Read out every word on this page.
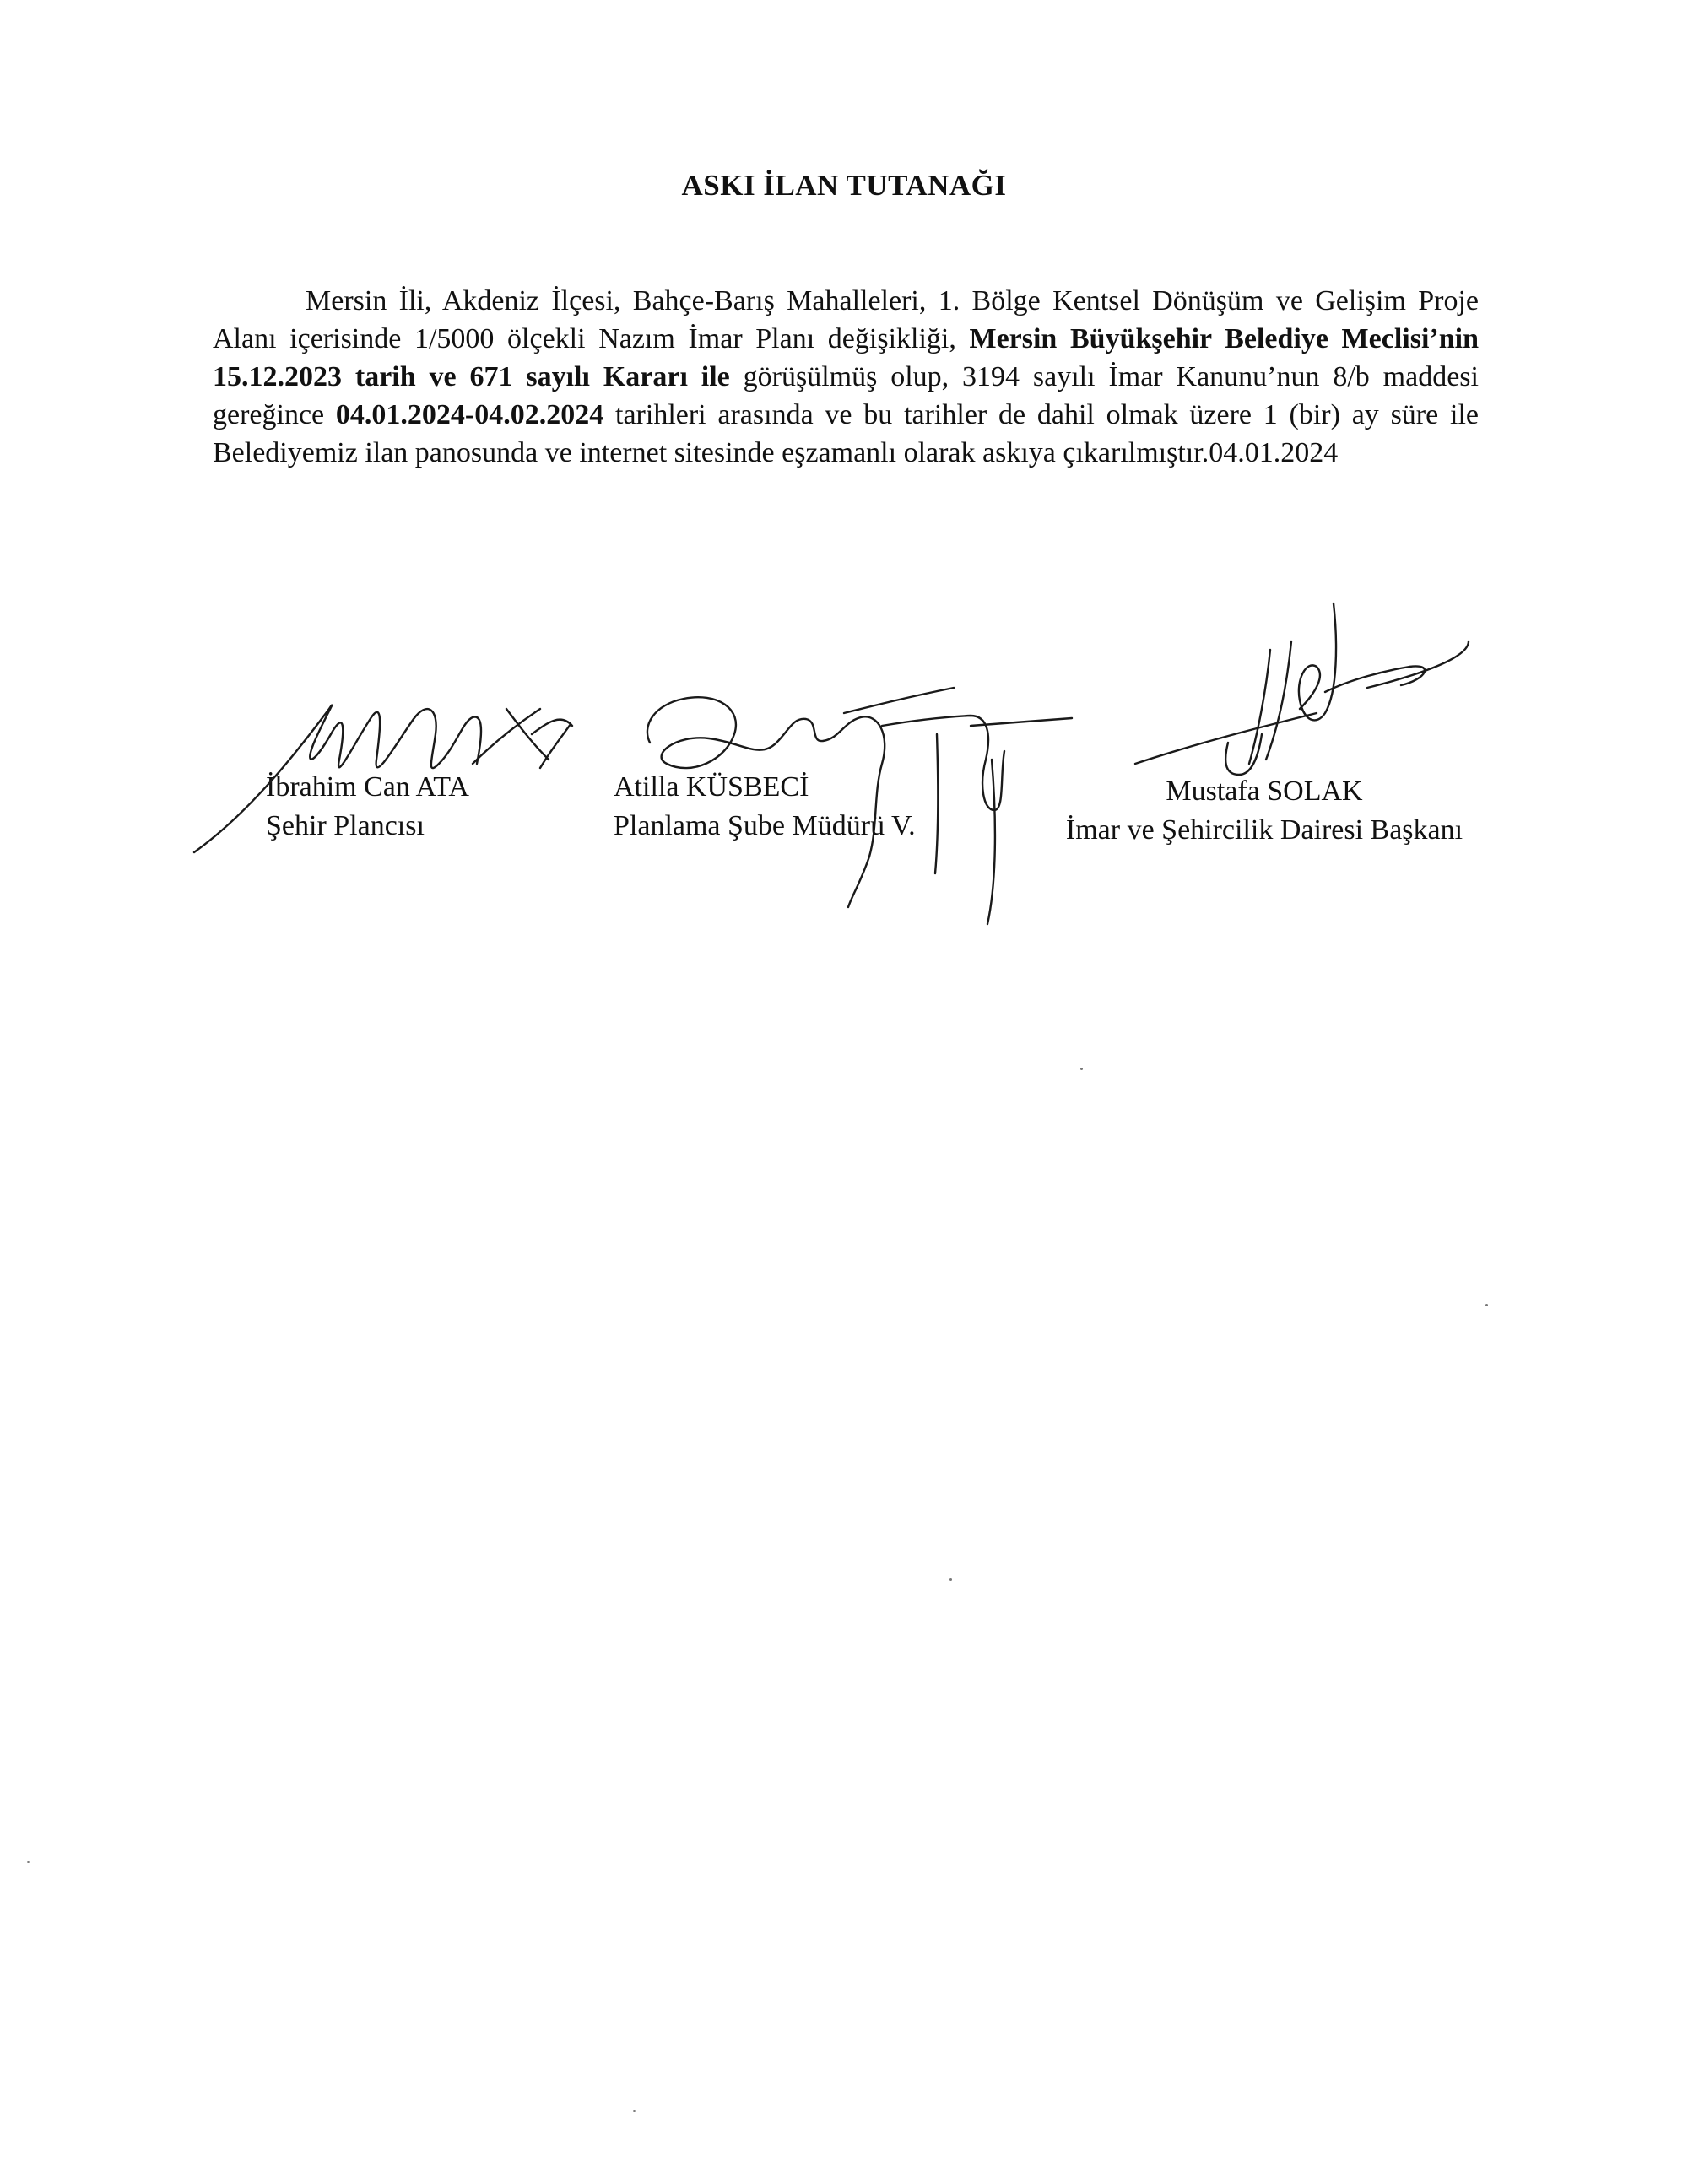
ASKI İLAN TUTANAĞI
Mersin İli, Akdeniz İlçesi, Bahçe-Barış Mahalleleri, 1. Bölge Kentsel Dönüşüm ve Gelişim Proje Alanı içerisinde 1/5000 ölçekli Nazım İmar Planı değişikliği, Mersin Büyükşehir Belediye Meclisi’nin 15.12.2023 tarih ve 671 sayılı Kararı ile görüşülmüş olup, 3194 sayılı İmar Kanunu’nun 8/b maddesi gereğince 04.01.2024-04.02.2024 tarihleri arasında ve bu tarihler de dahil olmak üzere 1 (bir) ay süre ile Belediyemiz ilan panosunda ve internet sitesinde eşzamanlı olarak askıya çıkarılmıştır.04.01.2024
İbrahim Can ATA
Şehir Plancısı
Atilla KÜSBECİ
Planlama Şube Müdürü V.
Mustafa SOLAK
İmar ve Şehircilik Dairesi Başkanı
